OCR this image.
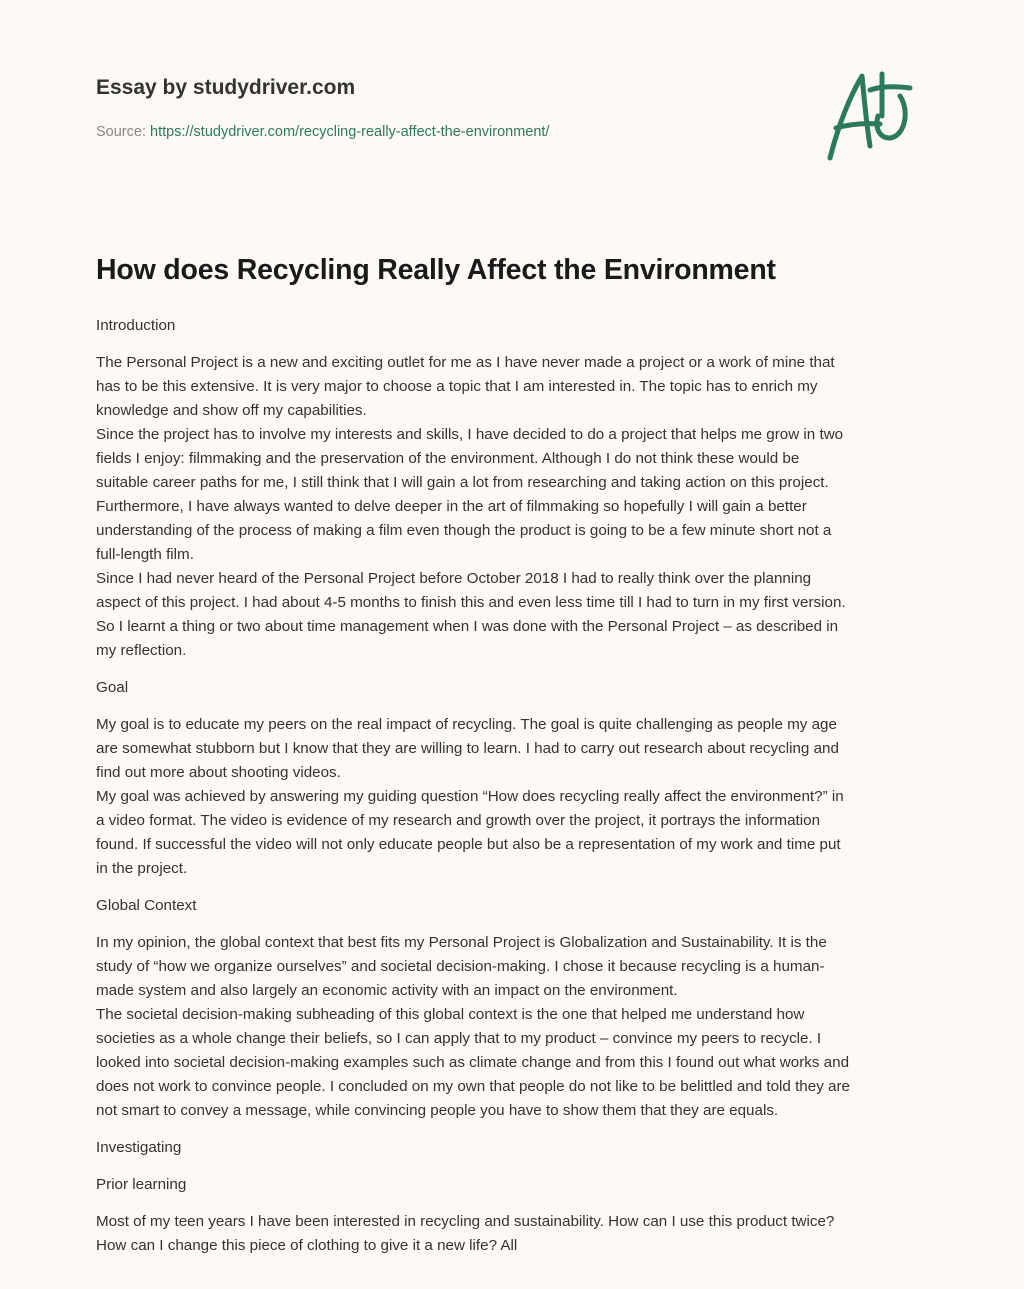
Essay by studydriver.com
Source: https://studydriver.com/recycling-really-affect-the-environment/
How does Recycling Really Affect the Environment
Introduction
The Personal Project is a new and exciting outlet for me as I have never made a project or a work of mine that
has to be this extensive. It is very major to choose a topic that I am interested in. The topic has to enrich my
knowledge and show off my capabilities.
Since the project has to involve my interests and skills, I have decided to do a project that helps me grow in two
fields I enjoy: filmmaking and the preservation of the environment. Although I do not think these would be
suitable career paths for me, I still think that I will gain a lot from researching and taking action on this project.
Furthermore, I have always wanted to delve deeper in the art of filmmaking so hopefully I will gain a better
understanding of the process of making a film even though the product is going to be a few minute short not a
full-length film.
Since I had never heard of the Personal Project before October 2018 I had to really think over the planning
aspect of this project. I had about 4-5 months to finish this and even less time till I had to turn in my first version.
So I learnt a thing or two about time management when I was done with the Personal Project – as described in
my reflection.
Goal
My goal is to educate my peers on the real impact of recycling. The goal is quite challenging as people my age
are somewhat stubborn but I know that they are willing to learn. I had to carry out research about recycling and
find out more about shooting videos.
My goal was achieved by answering my guiding question “How does recycling really affect the environment?” in
a video format. The video is evidence of my research and growth over the project, it portrays the information
found. If successful the video will not only educate people but also be a representation of my work and time put
in the project.
Global Context
In my opinion, the global context that best fits my Personal Project is Globalization and Sustainability. It is the
study of “how we organize ourselves” and societal decision-making. I chose it because recycling is a human-
made system and also largely an economic activity with an impact on the environment.
The societal decision-making subheading of this global context is the one that helped me understand how
societies as a whole change their beliefs, so I can apply that to my product – convince my peers to recycle. I
looked into societal decision-making examples such as climate change and from this I found out what works and
does not work to convince people. I concluded on my own that people do not like to be belittled and told they are
not smart to convey a message, while convincing people you have to show them that they are equals.
Investigating
Prior learning
Most of my teen years I have been interested in recycling and sustainability. How can I use this product twice?
How can I change this piece of clothing to give it a new life? All
